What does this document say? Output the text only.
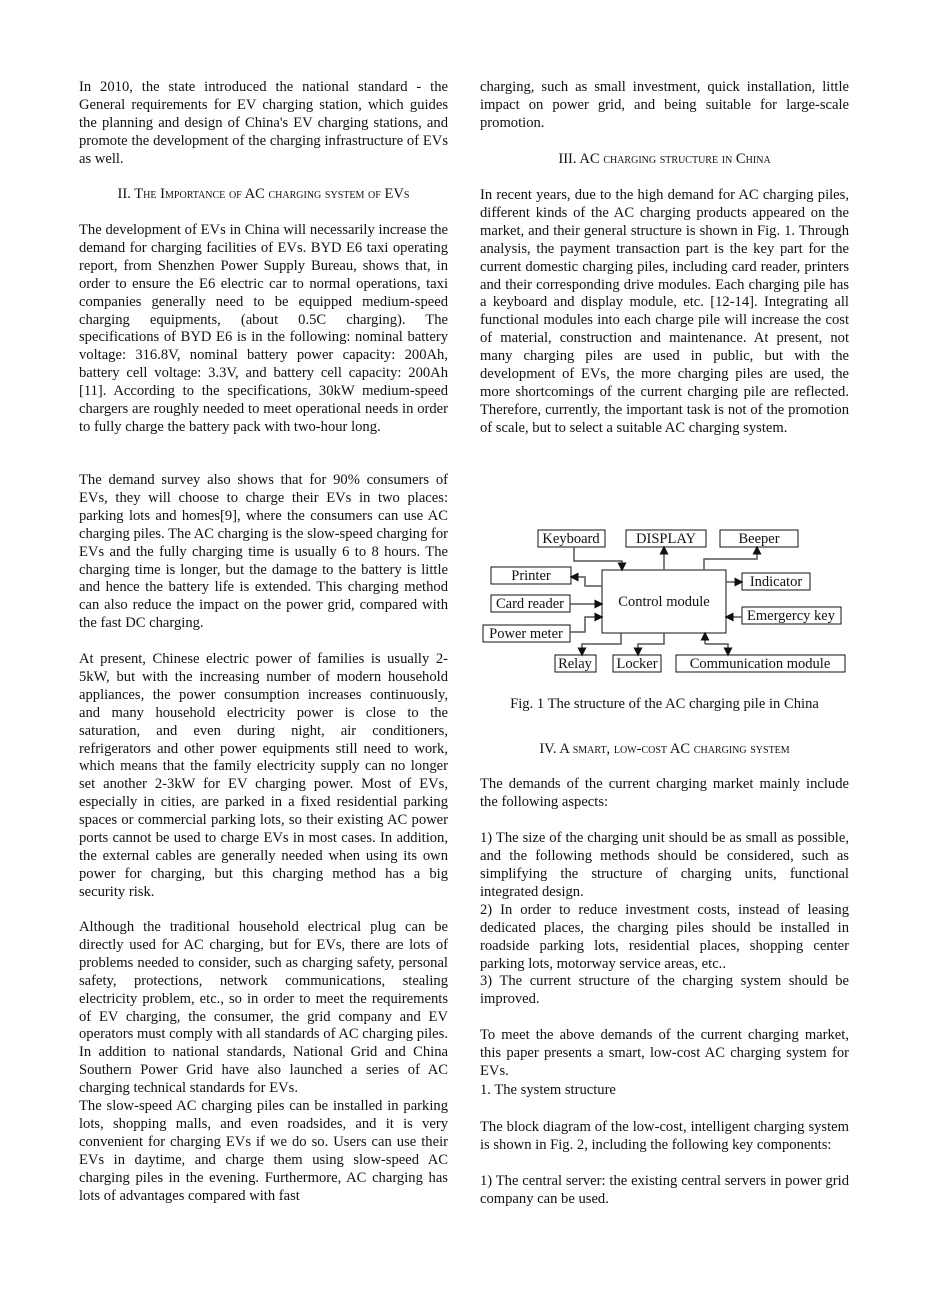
In 2010, the state introduced the national standard - the General requirements for EV charging station, which guides the planning and design of China's EV charging stations, and promote the development of the charging infrastructure of EVs as well.

II. The Importance of AC charging system of EVs

The development of EVs in China will necessarily increase the demand for charging facilities of EVs. BYD E6 taxi operating report, from Shenzhen Power Supply Bureau, shows that, in order to ensure the E6 electric car to normal operations, taxi companies generally need to be equipped medium-speed charging equipments, (about 0.5C charging). The specifications of BYD E6 is in the following: nominal battery voltage: 316.8V, nominal battery power capacity: 200Ah, battery cell voltage: 3.3V, and battery cell capacity: 200Ah [11]. According to the specifications, 30kW medium-speed chargers are roughly needed to meet operational needs in order to fully charge the battery pack with two-hour long.

The demand survey also shows that for 90% consumers of EVs, they will choose to charge their EVs in two places: parking lots and homes[9], where the consumers can use AC charging piles. The AC charging is the slow-speed charging for EVs and the fully charging time is usually 6 to 8 hours. The charging time is longer, but the damage to the battery is little and hence the battery life is extended. This charging method can also reduce the impact on the power grid, compared with the fast DC charging.

At present, Chinese electric power of families is usually 2-5kW, but with the increasing number of modern household appliances, the power consumption increases continuously, and many household electricity power is close to the saturation, and even during night, air conditioners, refrigerators and other power equipments still need to work, which means that the family electricity supply can no longer set another 2-3kW for EV charging power. Most of EVs, especially in cities, are parked in a fixed residential parking spaces or commercial parking lots, so their existing AC power ports cannot be used to charge EVs in most cases. In addition, the external cables are generally needed when using its own power for charging, but this charging method has a big security risk.

Although the traditional household electrical plug can be directly used for AC charging, but for EVs, there are lots of problems needed to consider, such as charging safety, personal safety, protections, network communications, stealing electricity problem, etc., so in order to meet the requirements of EV charging, the consumer, the grid company and EV operators must comply with all standards of AC charging piles. In addition to national standards, National Grid and China Southern Power Grid have also launched a series of AC charging technical standards for EVs.

The slow-speed AC charging piles can be installed in parking lots, shopping malls, and even roadsides, and it is very convenient for charging EVs if we do so. Users can use their EVs in daytime, and charge them using slow-speed AC charging piles in the evening. Furthermore, AC charging has lots of advantages compared with fast

charging, such as small investment, quick installation, little impact on power grid, and being suitable for large-scale promotion.

III. AC charging structure in China

In recent years, due to the high demand for AC charging piles, different kinds of the AC charging products appeared on the market, and their general structure is shown in Fig. 1. Through analysis, the payment transaction part is the key part for the current domestic charging piles, including card reader, printers and their corresponding drive modules. Each charging pile has a keyboard and display module, etc. [12-14]. Integrating all functional modules into each charge pile will increase the cost of material, construction and maintenance. At present, not many charging piles are used in public, but with the development of EVs, the more charging piles are used, the more shortcomings of the current charging pile are reflected. Therefore, currently, the important task is not of the promotion of scale, but to select a suitable AC charging system.

Keyboard	DISPLAY	Beeper
Printer	Indicator
Card reader	Control module
Emergercy key
Power meter
Relay Locker Communication module

Fig. 1 The structure of the AC charging pile in China

IV. A smart, low-cost AC charging system

The demands of the current charging market mainly include the following aspects:

1) The size of the charging unit should be as small as possible, and the following methods should be considered, such as simplifying the structure of charging units, functional integrated design.

2) In order to reduce investment costs, instead of leasing dedicated places, the charging piles should be installed in roadside parking lots, residential places, shopping center parking lots, motorway service areas, etc..

3) The current structure of the charging system should be improved.

To meet the above demands of the current charging market, this paper presents a smart, low-cost AC charging system for EVs.

1. The system structure

The block diagram of the low-cost, intelligent charging system is shown in Fig. 2, including the following key components:

1) The central server: the existing central servers in power grid company can be used.
